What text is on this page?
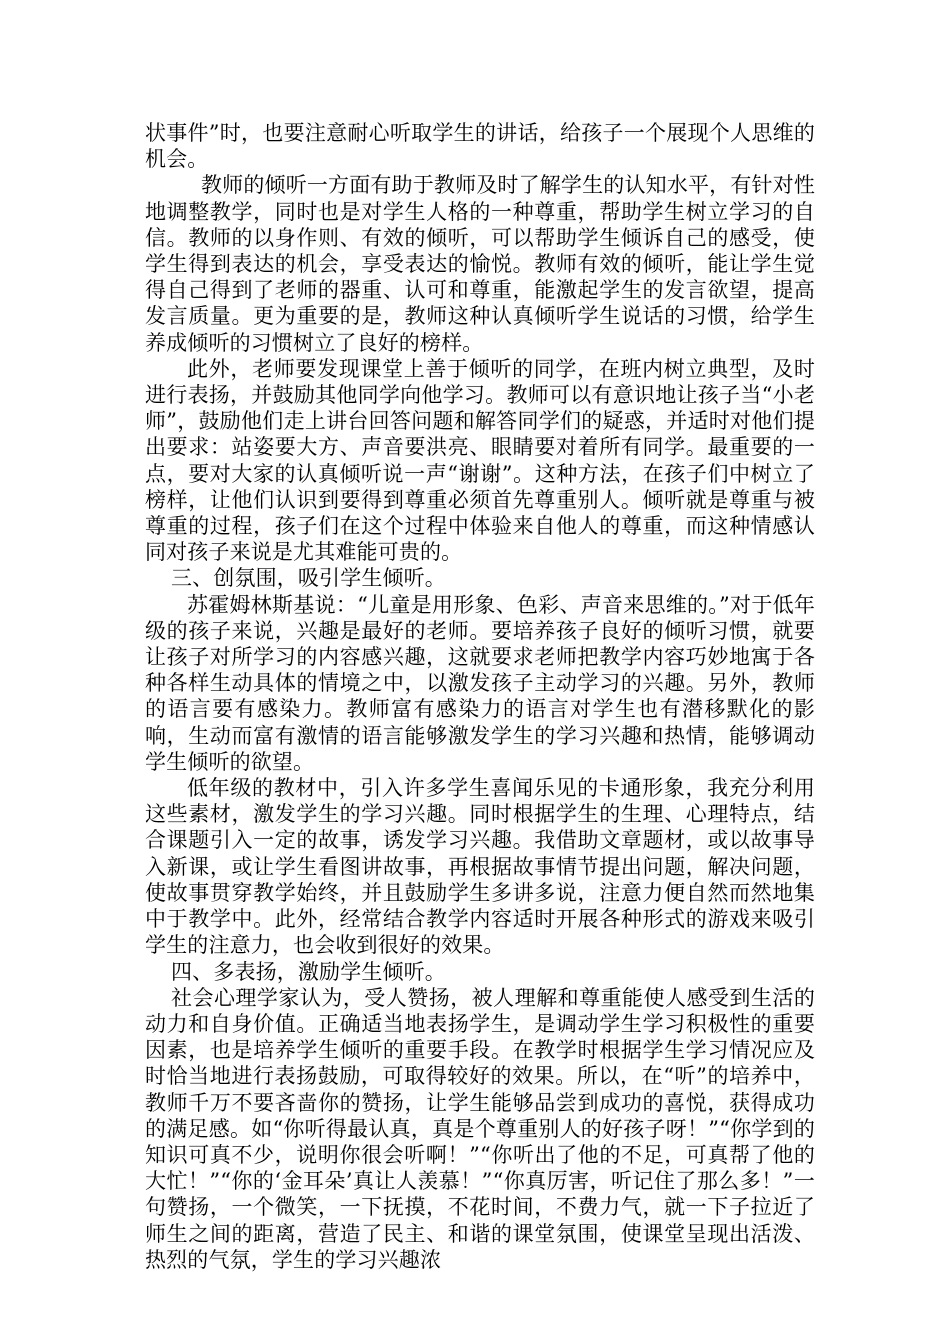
状事件”时，也要注意耐心听取学生的讲话，给孩子一个展现个人思维的机会。

教师的倾听一方面有助于教师及时了解学生的认知水平，有针对性地调整教学，同时也是对学生人格的一种尊重，帮助学生树立学习的自信。教师的以身作则、有效的倾听，可以帮助学生倾诉自己的感受，使学生得到表达的机会，享受表达的愉悦。教师有效的倾听，能让学生觉得自己得到了老师的器重、认可和尊重，能激起学生的发言欲望，提高发言质量。更为重要的是，教师这种认真倾听学生说话的习惯，给学生养成倾听的习惯树立了良好的榜样。

此外，老师要发现课堂上善于倾听的同学，在班内树立典型，及时进行表扬，并鼓励其他同学向他学习。教师可以有意识地让孩子当“小老师”，鼓励他们走上讲台回答问题和解答同学们的疑惑，并适时对他们提出要求：站姿要大方、声音要洪亮、眼睛要对着所有同学。最重要的一点，要对大家的认真倾听说一声“谢谢”。这种方法，在孩子们中树立了榜样，让他们认识到要得到尊重必须首先尊重别人。倾听就是尊重与被尊重的过程，孩子们在这个过程中体验来自他人的尊重，而这种情感认同对孩子来说是尤其难能可贵的。

三、创氛围，吸引学生倾听。

苏霍姆林斯基说：“儿童是用形象、色彩、声音来思维的。”对于低年级的孩子来说，兴趣是最好的老师。要培养孩子良好的倾听习惯，就要让孩子对所学习的内容感兴趣，这就要求老师把教学内容巧妙地寓于各种各样生动具体的情境之中，以激发孩子主动学习的兴趣。另外，教师的语言要有感染力。教师富有感染力的语言对学生也有潜移默化的影响，生动而富有激情的语言能够激发学生的学习兴趣和热情，能够调动学生倾听的欲望。

低年级的教材中，引入许多学生喜闻乐见的卡通形象，我充分利用这些素材，激发学生的学习兴趣。同时根据学生的生理、心理特点，结合课题引入一定的故事，诱发学习兴趣。我借助文章题材，或以故事导入新课，或让学生看图讲故事，再根据故事情节提出问题，解决问题，使故事贯穿教学始终，并且鼓励学生多讲多说，注意力便自然而然地集中于教学中。此外，经常结合教学内容适时开展各种形式的游戏来吸引学生的注意力，也会收到很好的效果。

四、多表扬，激励学生倾听。

社会心理学家认为，受人赞扬，被人理解和尊重能使人感受到生活的动力和自身价值。正确适当地表扬学生，是调动学生学习积极性的重要因素，也是培养学生倾听的重要手段。在教学时根据学生学习情况应及时恰当地进行表扬鼓励，可取得较好的效果。所以，在“听”的培养中，教师千万不要吝啬你的赞扬，让学生能够品尝到成功的喜悦，获得成功的满足感。如“你听得最认真，真是个尊重别人的好孩子呀！”“你学到的知识可真不少，说明你很会听啊！”“你听出了他的不足，可真帮了他的大忙！”“你的‘金耳朵’真让人羡慕！”“你真厉害，听记住了那么多！”一句赞扬，一个微笑，一下抚摸，不花时间，不费力气，就一下子拉近了师生之间的距离，营造了民主、和谐的课堂氛围，使课堂呈现出活泼、热烈的气氛，学生的学习兴趣浓
